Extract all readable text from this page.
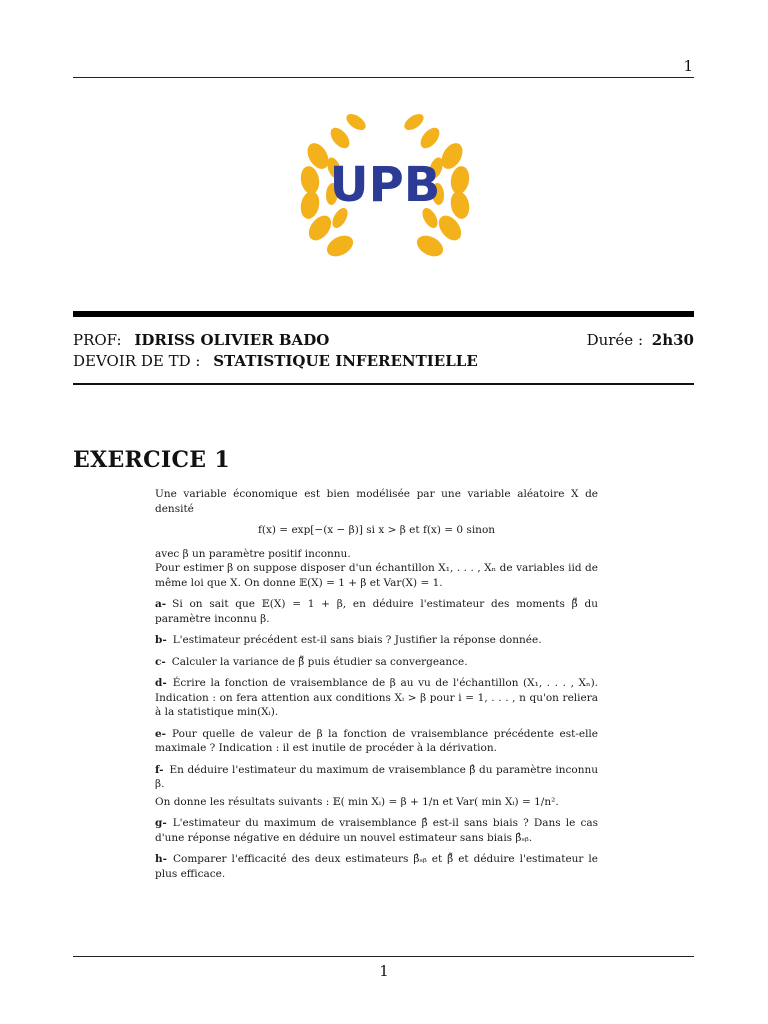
1
UPB
PROF: IDRISS OLIVIER BADO	Durée : 2h30
DEVOIR DE TD : STATISTIQUE INFERENTIELLE
EXERCICE 1

Une variable économique est bien modélisée par une variable aléatoire X de densité

f(x) = exp[−(x − β)] si x > β et f(x) = 0 sinon

avec β un paramètre positif inconnu.

Pour estimer β on suppose disposer d'un échantillon X₁, . . . , Xₙ de variables iid de même loi que X. On donne 𝔼(X) = 1 + β et Var(X) = 1.

a- Si on sait que 𝔼(X) = 1 + β, en déduire l'estimateur des moments β̃̃ du paramètre inconnu β.

b- L'estimateur précédent est-il sans biais ? Justifier la réponse donnée.

c- Calculer la variance de β̃̃ puis étudier sa convergeance.

d- Écrire la fonction de vraisemblance de β au vu de l'échantillon (X₁, . . . , Xₙ). Indication : on fera attention aux conditions Xᵢ > β pour i = 1, . . . , n qu'on reliera à la statistique min(Xᵢ).

e- Pour quelle de valeur de β la fonction de vraisemblance précédente est-elle maximale ? Indication : il est inutile de procéder à la dérivation.

f- En déduire l'estimateur du maximum de vraisemblance β̂ du paramètre inconnu β.

On donne les résultats suivants : 𝔼( min Xᵢ) = β + 1/n et Var( min Xᵢ) = 1/n².

g- L'estimateur du maximum de vraisemblance β̂ est-il sans biais ? Dans le cas d'une réponse négative en déduire un nouvel estimateur sans biais β̂ₛᵦ.

h- Comparer l'efficacité des deux estimateurs β̂ₛᵦ et β̃̃ et déduire l'estimateur le plus efficace.

1
